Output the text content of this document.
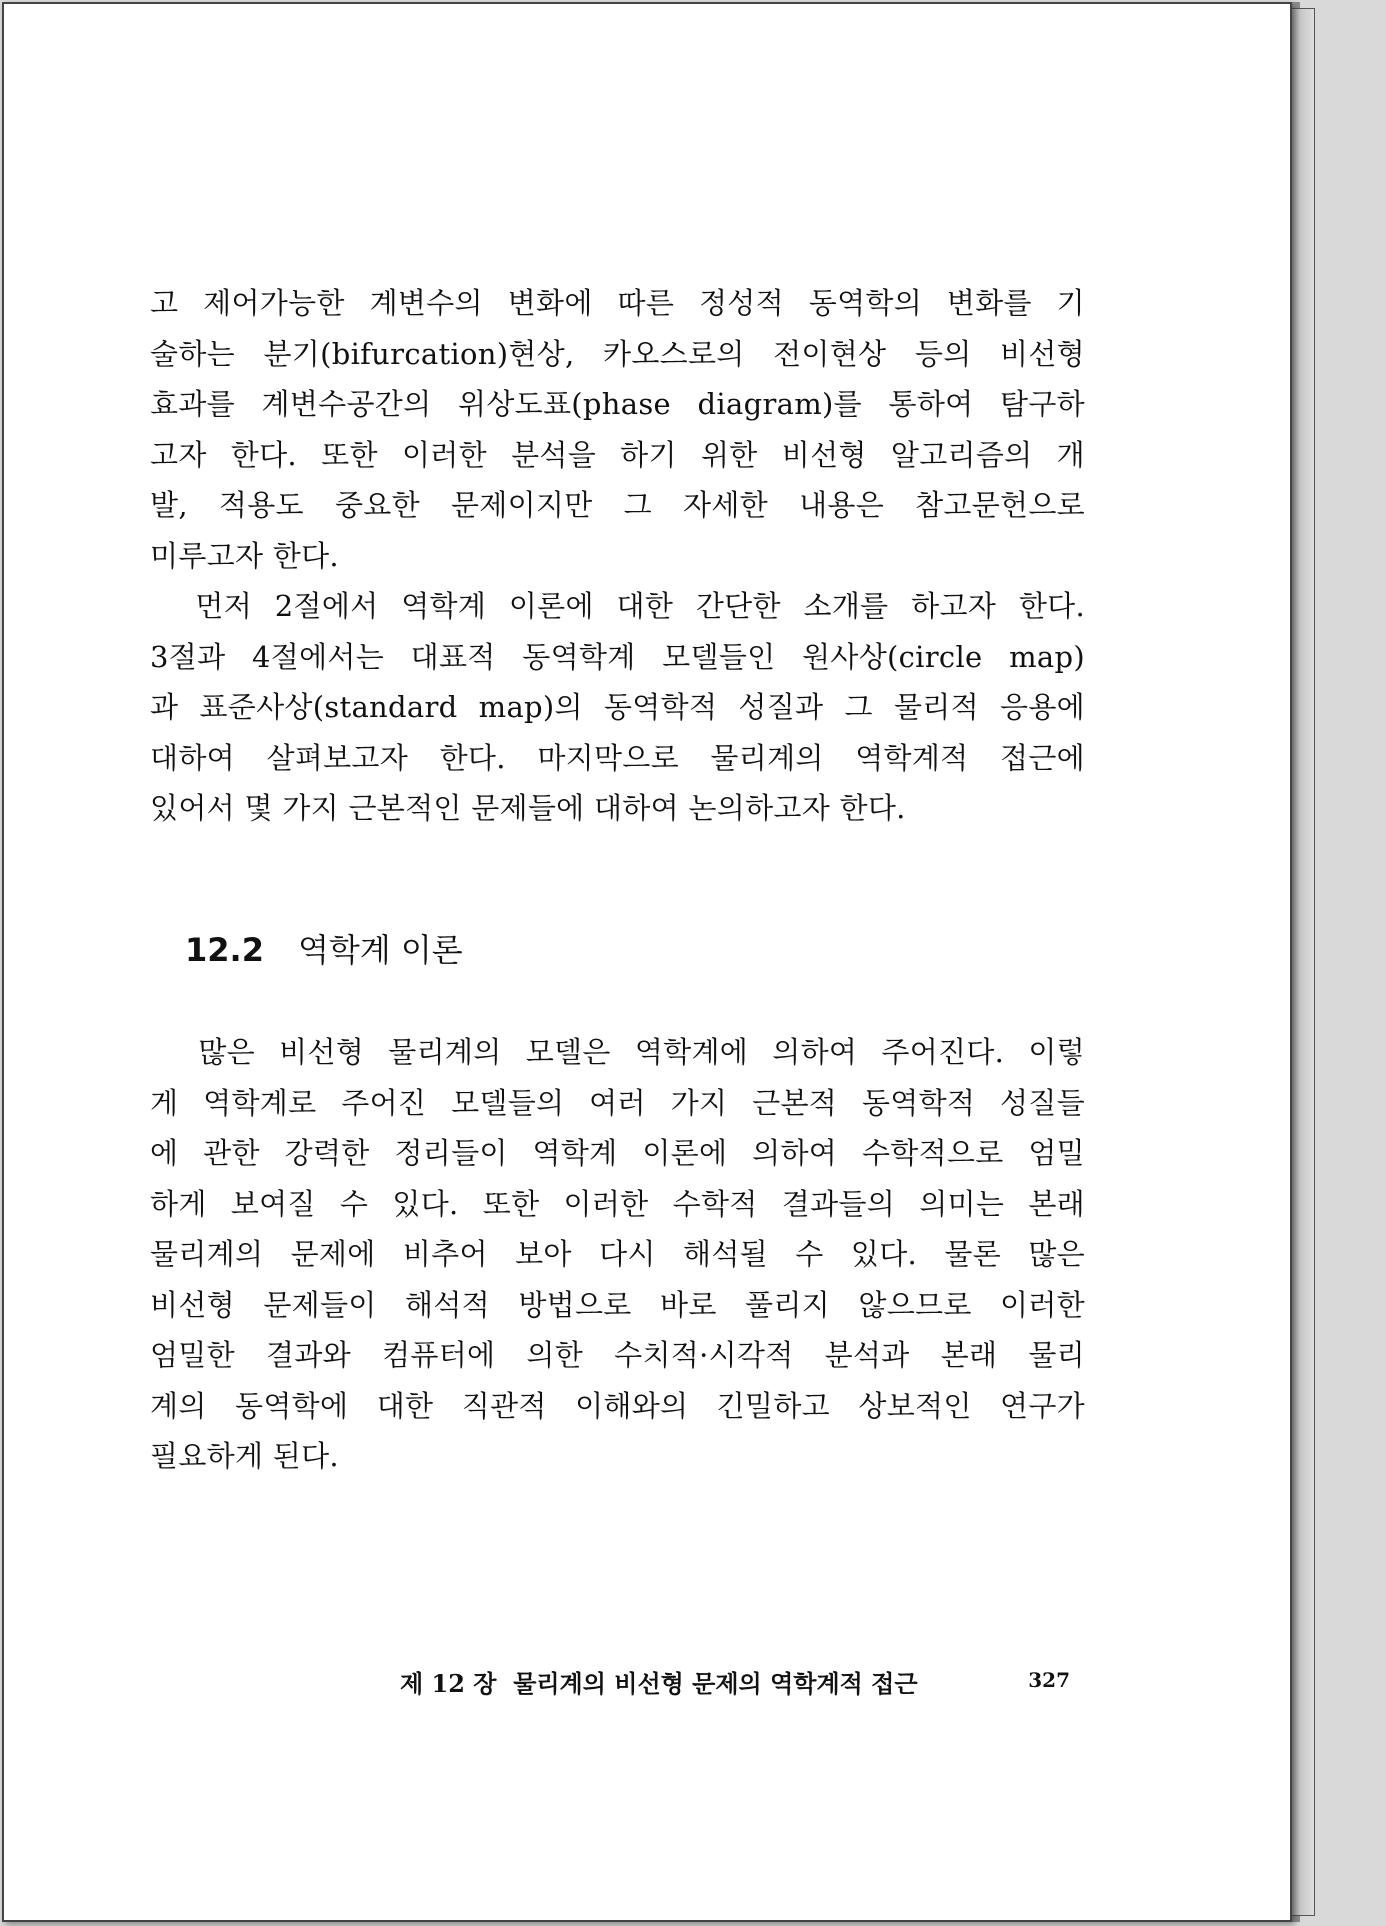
고 제어가능한 계변수의 변화에 따른 정성적 동역학의 변화를 기
술하는 분기(bifurcation)현상, 카오스로의 전이현상 등의 비선형
효과를 계변수공간의 위상도표(phase diagram)를 통하여 탐구하
고자 한다. 또한 이러한 분석을 하기 위한 비선형 알고리즘의 개
발, 적용도 중요한 문제이지만 그 자세한 내용은 참고문헌으로
미루고자 한다.

먼저 2절에서 역학계 이론에 대한 간단한 소개를 하고자 한다.
3절과 4절에서는 대표적 동역학계 모델들인 원사상(circle map)
과 표준사상(standard map)의 동역학적 성질과 그 물리적 응용에
대하여 살펴보고자 한다. 마지막으로 물리계의 역학계적 접근에
있어서 몇 가지 근본적인 문제들에 대하여 논의하고자 한다.

12.2 역학계 이론

많은 비선형 물리계의 모델은 역학계에 의하여 주어진다. 이렇
게 역학계로 주어진 모델들의 여러 가지 근본적 동역학적 성질들
에 관한 강력한 정리들이 역학계 이론에 의하여 수학적으로 엄밀
하게 보여질 수 있다. 또한 이러한 수학적 결과들의 의미는 본래
물리계의 문제에 비추어 보아 다시 해석될 수 있다. 물론 많은
비선형 문제들이 해석적 방법으로 바로 풀리지 않으므로 이러한
엄밀한 결과와 컴퓨터에 의한 수치적·시각적 분석과 본래 물리
계의 동역학에 대한 직관적 이해와의 긴밀하고 상보적인 연구가
필요하게 된다.

제 12 장  물리계의 비선형 문제의 역학계적 접근	327
